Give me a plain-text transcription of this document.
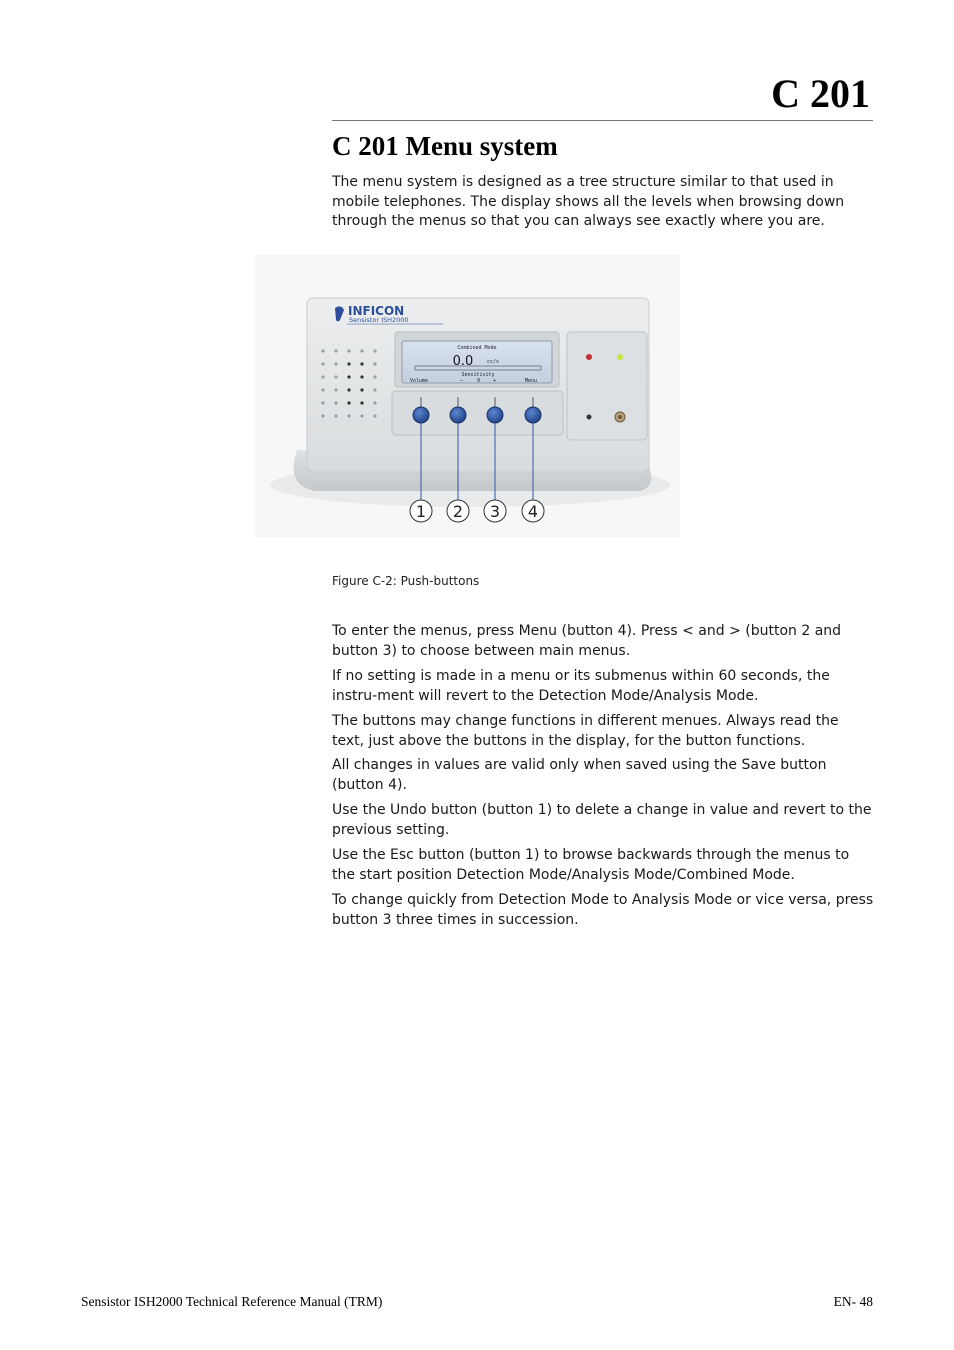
C 201
C 201 Menu system

The menu system is designed as a tree structure similar to that used in mobile telephones. The display shows all the levels when browsing down through the menus so that you can always see exactly where you are.

INFICON
Sensistor ISH2000
Combined Mode
0.0	cc/s
Sensitivity
Volume	−	9	+	Menu
1 2 3 4
Figure C-2: Push-buttons

To enter the menus, press Menu (button 4). Press < and > (button 2 and button 3) to choose between main menus.

If no setting is made in a menu or its submenus within 60 seconds, the instru-ment will revert to the Detection Mode/Analysis Mode.

The buttons may change functions in different menues. Always read the text, just above the buttons in the display, for the button functions.

All changes in values are valid only when saved using the Save button (button 4).

Use the Undo button (button 1) to delete a change in value and revert to the previous setting.

Use the Esc button (button 1) to browse backwards through the menus to the start position Detection Mode/Analysis Mode/Combined Mode.

To change quickly from Detection Mode to Analysis Mode or vice versa, press button 3 three times in succession.

Sensistor ISH2000 Technical Reference Manual (TRM)	EN- 48
